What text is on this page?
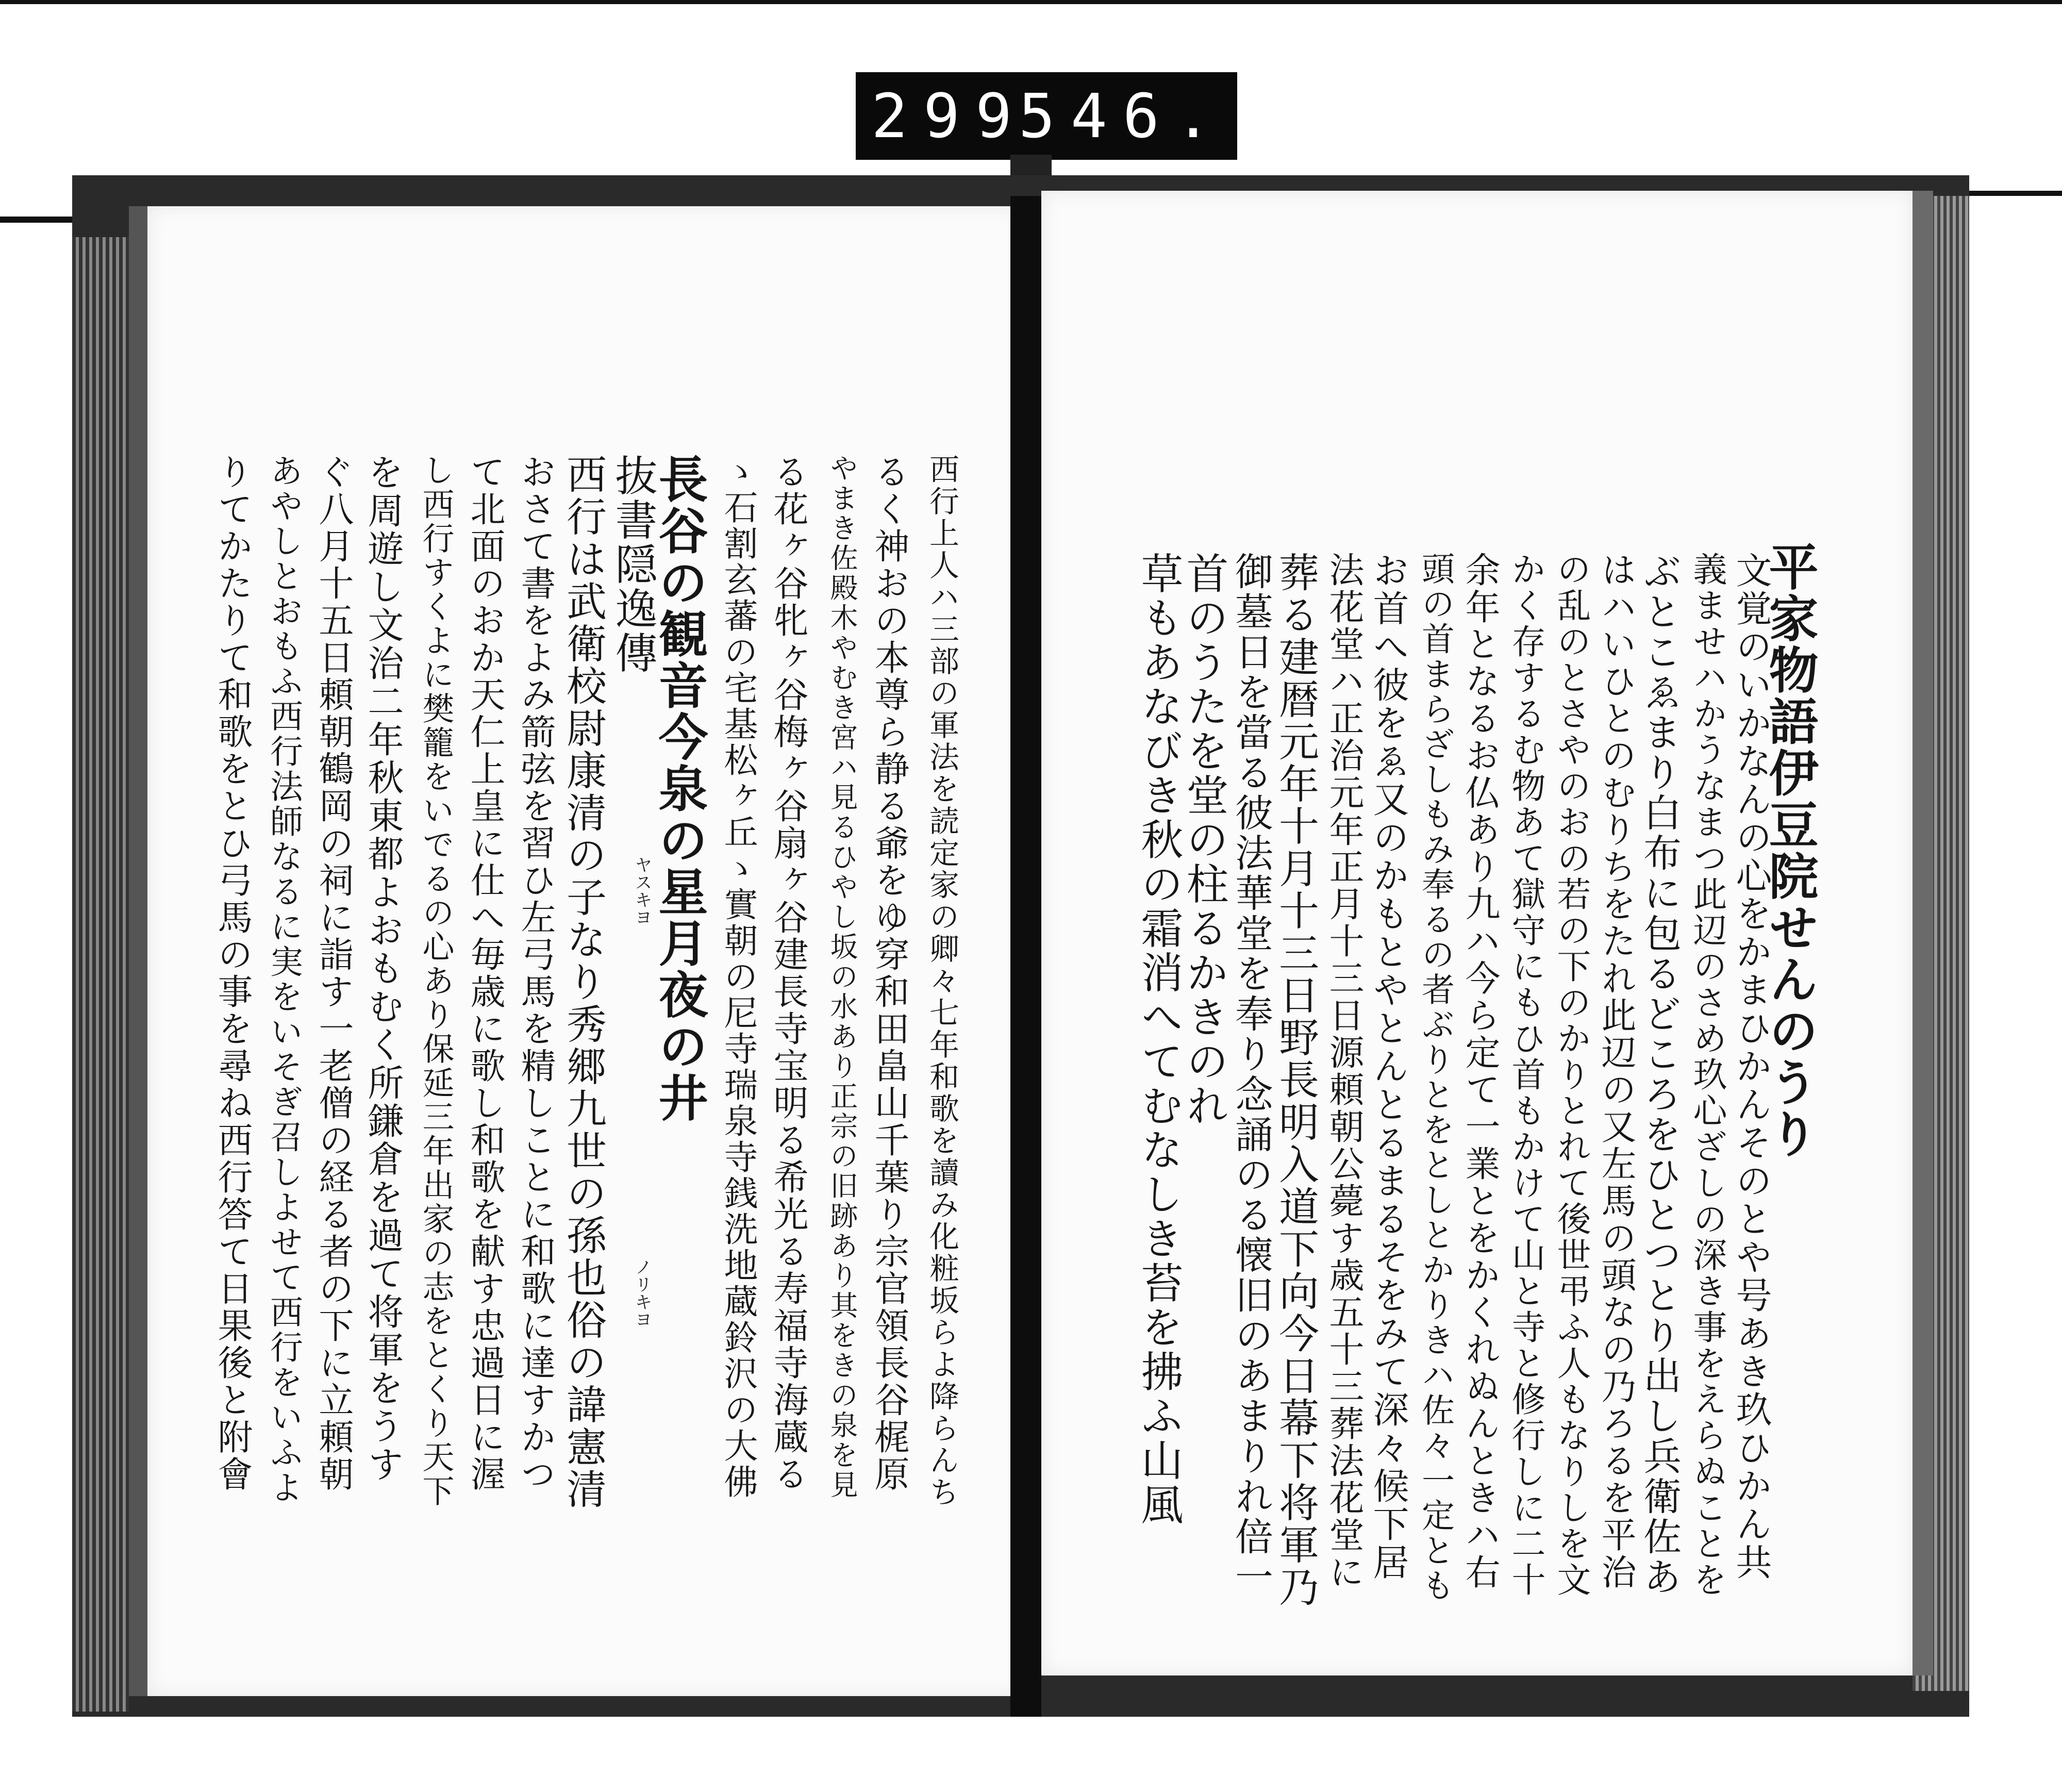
299
546.
西行上人ハ三部の軍法を読定家の卿々七年和歌を讀み化粧坂らよ降らんち
るく神おの本尊ら静る爺をゆ穿和田畠山千葉り宗官領長谷梶原
やまき佐殿木やむき宮ハ見るひやし坂の水あり正宗の旧跡あり其をきの泉を見
る花ヶ谷牝ヶ谷梅ヶ谷扇ヶ谷建長寺宝明る希光る寿福寺海蔵る
ゝ石割玄蕃の宅基松ヶ丘ゝ實朝の尼寺瑞泉寺銭洗地蔵鈴沢の大佛
長谷の観音今泉の星月夜の井
抜書隠逸傳
西行は武衛校尉康清の子なり秀郷九世の孫也俗の諱憲清
おさて書をよみ箭弦を習ひ左弓馬を精しことに和歌に達すかつ
て北面のおか天仁上皇に仕へ毎歳に歌し和歌を献す忠過日に渥
し西行すくよに樊籠をいでるの心あり保延三年出家の志をとくり天下
を周遊し文治二年秋東都よおもむく所鎌倉を過て将軍をうす
ぐ八月十五日頼朝鶴岡の祠に詣す一老僧の経る者の下に立頼朝
あやしとおもふ西行法師なるに実をいそぎ召しよせて西行をいふよ
りてかたりて和歌をとひ弓馬の事を尋ね西行答て日果後と附會	ヤスキヨ
ノリキヨ
平家物語伊豆院せんのうり
文覚のいかなんの心をかまひかんそのとや号あき玖ひかん共
義ませハかうなまつ此辺のさめ玖心ざしの深き事をえらぬことを
ぶとこゑまり白布に包るどころをひとつとり出し兵衛佐あ
はハいひとのむりちをたれ此辺の又左馬の頭なの乃ろるを平治
の乱のとさやのおの若の下のかりとれて後世弔ふ人もなりしを文
かく存するむ物あて獄守にもひ首もかけて山と寺と修行しに二十
余年となるお仏あり九ハ今ら定て一業とをかくれぬんときハ右
頭の首まらざしもみ奉るの者ぶりとをとしとかりきハ佐々一定とも
お首へ彼をゑ又のかもとやとんとるまるそをみて深々候下居
法花堂ハ正治元年正月十三日源頼朝公薨す歳五十三葬法花堂に
葬る建暦元年十月十三日野長明入道下向今日幕下将軍乃
御墓日を當る彼法華堂を奉り念誦のる懐旧のあまりれ倍一
首のうたを堂の柱るかきのれ
草もあなびき秋の霜消へてむなしき苔を拂ふ山風
